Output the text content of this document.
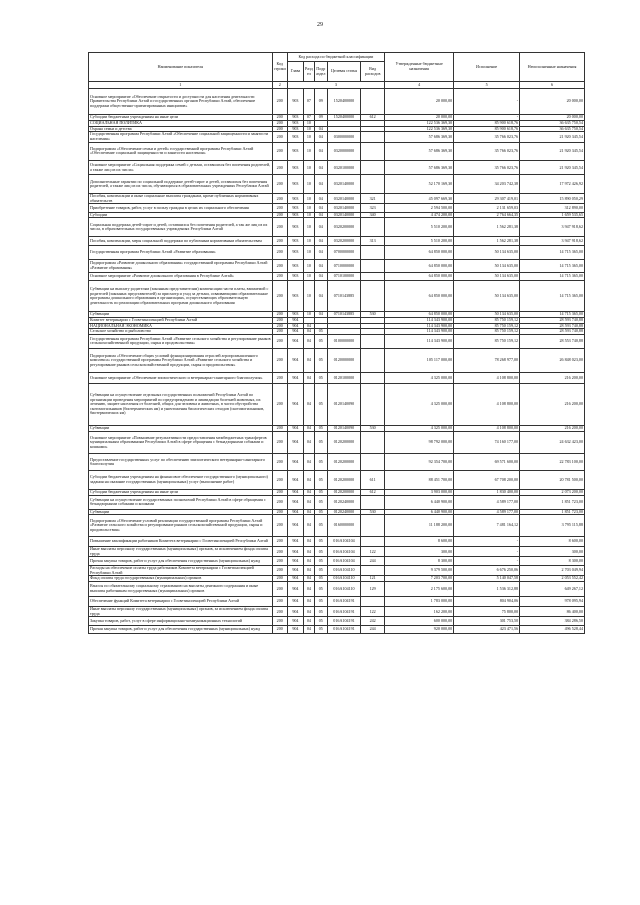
29
Наименование показателя	Код строки	Код расхода по бюджетной классификации					Утвержденные бюджетные назначения	Исполнение	Неисполненные назначения
		Глава	Раздел	Подраздел	Целевая статья	Вид расходов			
1	2	3					4	5	6
Основное мероприятие «Обеспечение открытости и доступности для населения деятельности Правительства Республики Алтай и государственных органов Республики Алтай, обеспечение поддержки общественно-ориентированных инициатив»	200	903	07	09	1520400000		20 000,00	-	20 000,00
Субсидии бюджетным учреждениям на иные цели	200	903	07	09	1520400000	612	20 000,00	-	20 000,00
СОЦИАЛЬНАЯ ПОЛИТИКА	200	903	10				122 536 369,30	85 900 618,76	36 635 750,54
Охрана семьи и детства	200	903	10	04			122 536 369,30	85 900 618,76	36 635 750,54
Государственная программа Республики Алтай «Обеспечение социальной защищенности и занятости населения»	200	903	10	04	0300000000		57 686 369,30	35 766 023,76	21 920 345,54
Подпрограмма «Обеспечение семьи и детей» государственной программы Республики Алтай «Обеспечение социальной защищенности и занятости населения»	200	903	10	04	0320000000		57 686 369,30	35 766 023,76	21 920 345,54
Основное мероприятие «Социальная поддержка семей с детьми, оставшихся без попечения родителей, а также лиц из их числа»	200	903	10	04	0320100000		57 686 369,30	35 766 023,76	21 920 345,54
Дополнительные гарантии по социальной поддержке детей-сирот и детей, оставшихся без попечения родителей, а также лиц из их числа, обучающихся в образовательных учреждениях Республики Алтай	200	903	10	04	0320140000		52 170 169,30	34 203 742,38	17 972 426,92
Пособия, компенсации и иные социальные выплаты гражданам, кроме публичных нормативных обязательств	200	903	10	04	0320140000	321	45 097 669,30	29 307 419,01	15 890 050,29
Приобретение товаров, работ, услуг в пользу граждан в целях их социального обеспечения	200	903	10	04	0320140000	323	2 594 500,00	2 131 659,03	312 890,00
Субсидии	200	903	10	04	0320140000	340	4 474 200,00	2 764 664,35	1 659 535,65
Социальная поддержка детей-сирот и детей, оставшихся без попечения родителей, а так же лиц из их числа, в образовательных государственных учреждениях Республики Алтай	200	903	10	04	0320200000		5 510 200,00	1 562 281,38	3 947 918,62
Пособия, компенсации, меры социальной поддержки по публичным нормативным обязательствам	200	903	10	04	0320200000	313	5 510 200,00	1 562 281,38	3 947 918,62
Государственная программа Республики Алтай «Развитие образования»	200	903	10	04	0700000000		64 850 000,00	50 134 635,00	14 715 365,00
Подпрограмма «Развитие дошкольного образования» государственной программы Республики Алтай «Развитие образования»	200	903	10	04	0710000000		64 850 000,00	50 134 635,00	14 715 365,00
Основное мероприятие «Развитие дошкольного образования в Республике Алтай»	200	903	10	04	0710100000		64 850 000,00	50 134 635,00	14 715 365,00
Субвенции на выплату родителям (законным представителям) компенсации части платы, взимаемой с родителей (законных представителей) за присмотр и уход за детьми, осваивающими образовательные программы дошкольного образования в организациях, осуществляющих образовательную деятельность по реализации образовательных программ дошкольного образования	200	903	10	04	0710143885		64 850 000,00	50 134 635,00	14 715 365,00
Субвенции	200	903	10	04	0710143885	530	64 850 000,00	50 134 635,00	14 715 365,00
Комитет ветеринарии с Госветинспекцией Республики Алтай	200	904					114 343 900,00	85 750 159,12	28 593 740,88
НАЦИОНАЛЬНАЯ ЭКОНОМИКА	200	904	04				114 343 900,00	85 750 159,12	28 593 740,88
Сельское хозяйство и рыболовство	200	904	04	05			114 343 900,00	85 750 159,12	28 593 740,88
Государственная программа Республики Алтай «Развитие сельского хозяйства и регулирование рынков сельскохозяйственной продукции, сырья и продовольствия»	200	904	04	05	0100000000		114 343 900,00	85 750 159,12	28 553 740,88
Подпрограмма «Обеспечение общих условий функционирования отраслей агропромышленного комплекса» государственной программы Республики Алтай «Развитие сельского хозяйства и регулирование рынков сельскохозяйственной продукции, сырья и продовольствия»	200	904	04	05	0120000000		105 117 000,00	78 268 977,00	26 848 023,00
Основное мероприятие «Обеспечение эпизоотического и ветеринарно-санитарного благополучия»	200	904	04	05	0120100000		4 325 000,00	4 108 800,00	216 200,00
Субвенции на осуществление отдельных государственных полномочий Республики Алтай по организации проведения мероприятий по предупреждению и ликвидации болезней животных, их лечению, защите населения от болезней, общих для человека и животных, в части обустройства скотомогильников (биотермических ям) и уничтожения биологических отходов (скотомогильников, биотермических ям)	200	904	04	05	0120140090		4 325 000,00	4 108 800,00	216 200,00
Субвенции	200	904	04	05	0120140090	530	4 325 000,00	4 108 800,00	216 200,00
Основное мероприятие «Повышение результативности предоставления межбюджетных трансфертов муниципальным образованиям Республики Алтай в сфере обращения с безнадзорными собаками и кошками»	200	904	04	05	0120200000		98 792 000,00	74 160 177,00	24 632 423,00
Предоставление государственных услуг по обеспечению эпизоотического ветеринарно-санитарного благополучия	200	904	04	05	0120200000		92 354 700,00	69 571 600,00	22 783 100,00
Субсидии бюджетным учреждениям на финансовое обеспечение государственного (муниципального) задания на оказание государственных (муниципальных) услуг (выполнение работ)	200	904	04	05	0120200000	611	88 451 700,00	67 708 200,00	20 781 500,00
Субсидии бюджетным учреждениям на иные цели	200	904	04	05	0120200000	612	3 903 000,00	1 830 400,00	2 073 200,00
Субвенции на осуществление государственных полномочий Республики Алтай в сфере обращения с безнадзорными собаками и кошками	200	904	04	05	0120240000		6 440 900,00	4 589 177,00	1 851 723,00
Субвенции	200	904	04	05	0120240000	530	6 440 900,00	4 589 177,00	1 851 723,00
Подпрограмма «Обеспечение условий реализации государственной программы Республики Алтай «Развитие сельского хозяйства и регулирование рынков сельскохозяйственной продукции, сырья и продовольствия»	200	904	04	05	0160000000		11 188 200,00	7 481 164,12	3 795 115,88
Повышение квалификации работников Комитета ветеринарии с Госветинспекцией Республики Алтай	200	904	04	05	016А104104		8 600,00	-	8 600,00
Иные выплаты персоналу государственных (муниципальных) органов, за исключением фонда оплаты труда	200	904	04	05	016А104104	122	300,00	-	300,00
Прочая закупка товаров, работ и услуг для обеспечения государственных (муниципальных) нужд	200	904	04	05	016А104104	244	8 300,00	-	8 300,00
Расходы на обеспечение оплаты труда работников Комитета ветеринарии с Госветинспекцией Республики Алтай	200	904	04	05	016А104110		9 379 500,00	6 676 250,06	2 703 049,94
Фонд оплаты труда государственных (муниципальных) органов	200	904	04	05	016А104110	121	7 203 700,00	5 140 047,58	2 053 552,42
Взносы по обязательному социальному страхованию на выплаты денежного содержания и иные выплаты работникам государственных (муниципальных) органов	200	904	04	05	016А104110	129	2 175 600,00	1 536 312,88	649 267,12
Обеспечение функций Комитета ветеринарии с Госветинспекцией Республики Алтай	200	904	04	05	016А104191		1 783 000,00	804 904,06	978 095,94
Иные выплаты персоналу государственных (муниципальных) органов, за исключением фонда оплаты труда	200	904	04	05	016А104191	122	162 200,00	75 800,00	86 400,00
Закупка товаров, работ, услуг в сфере информационно-коммуникационных технологий	200	904	04	05	016А104191	242	600 000,00	301 753,50	384 286,50
Прочая закупка товаров, работ и услуг для обеспечения государственных (муниципальных) нужд	200	904	04	05	016А104191	244	920 000,00	423 471,56	496 528,44
